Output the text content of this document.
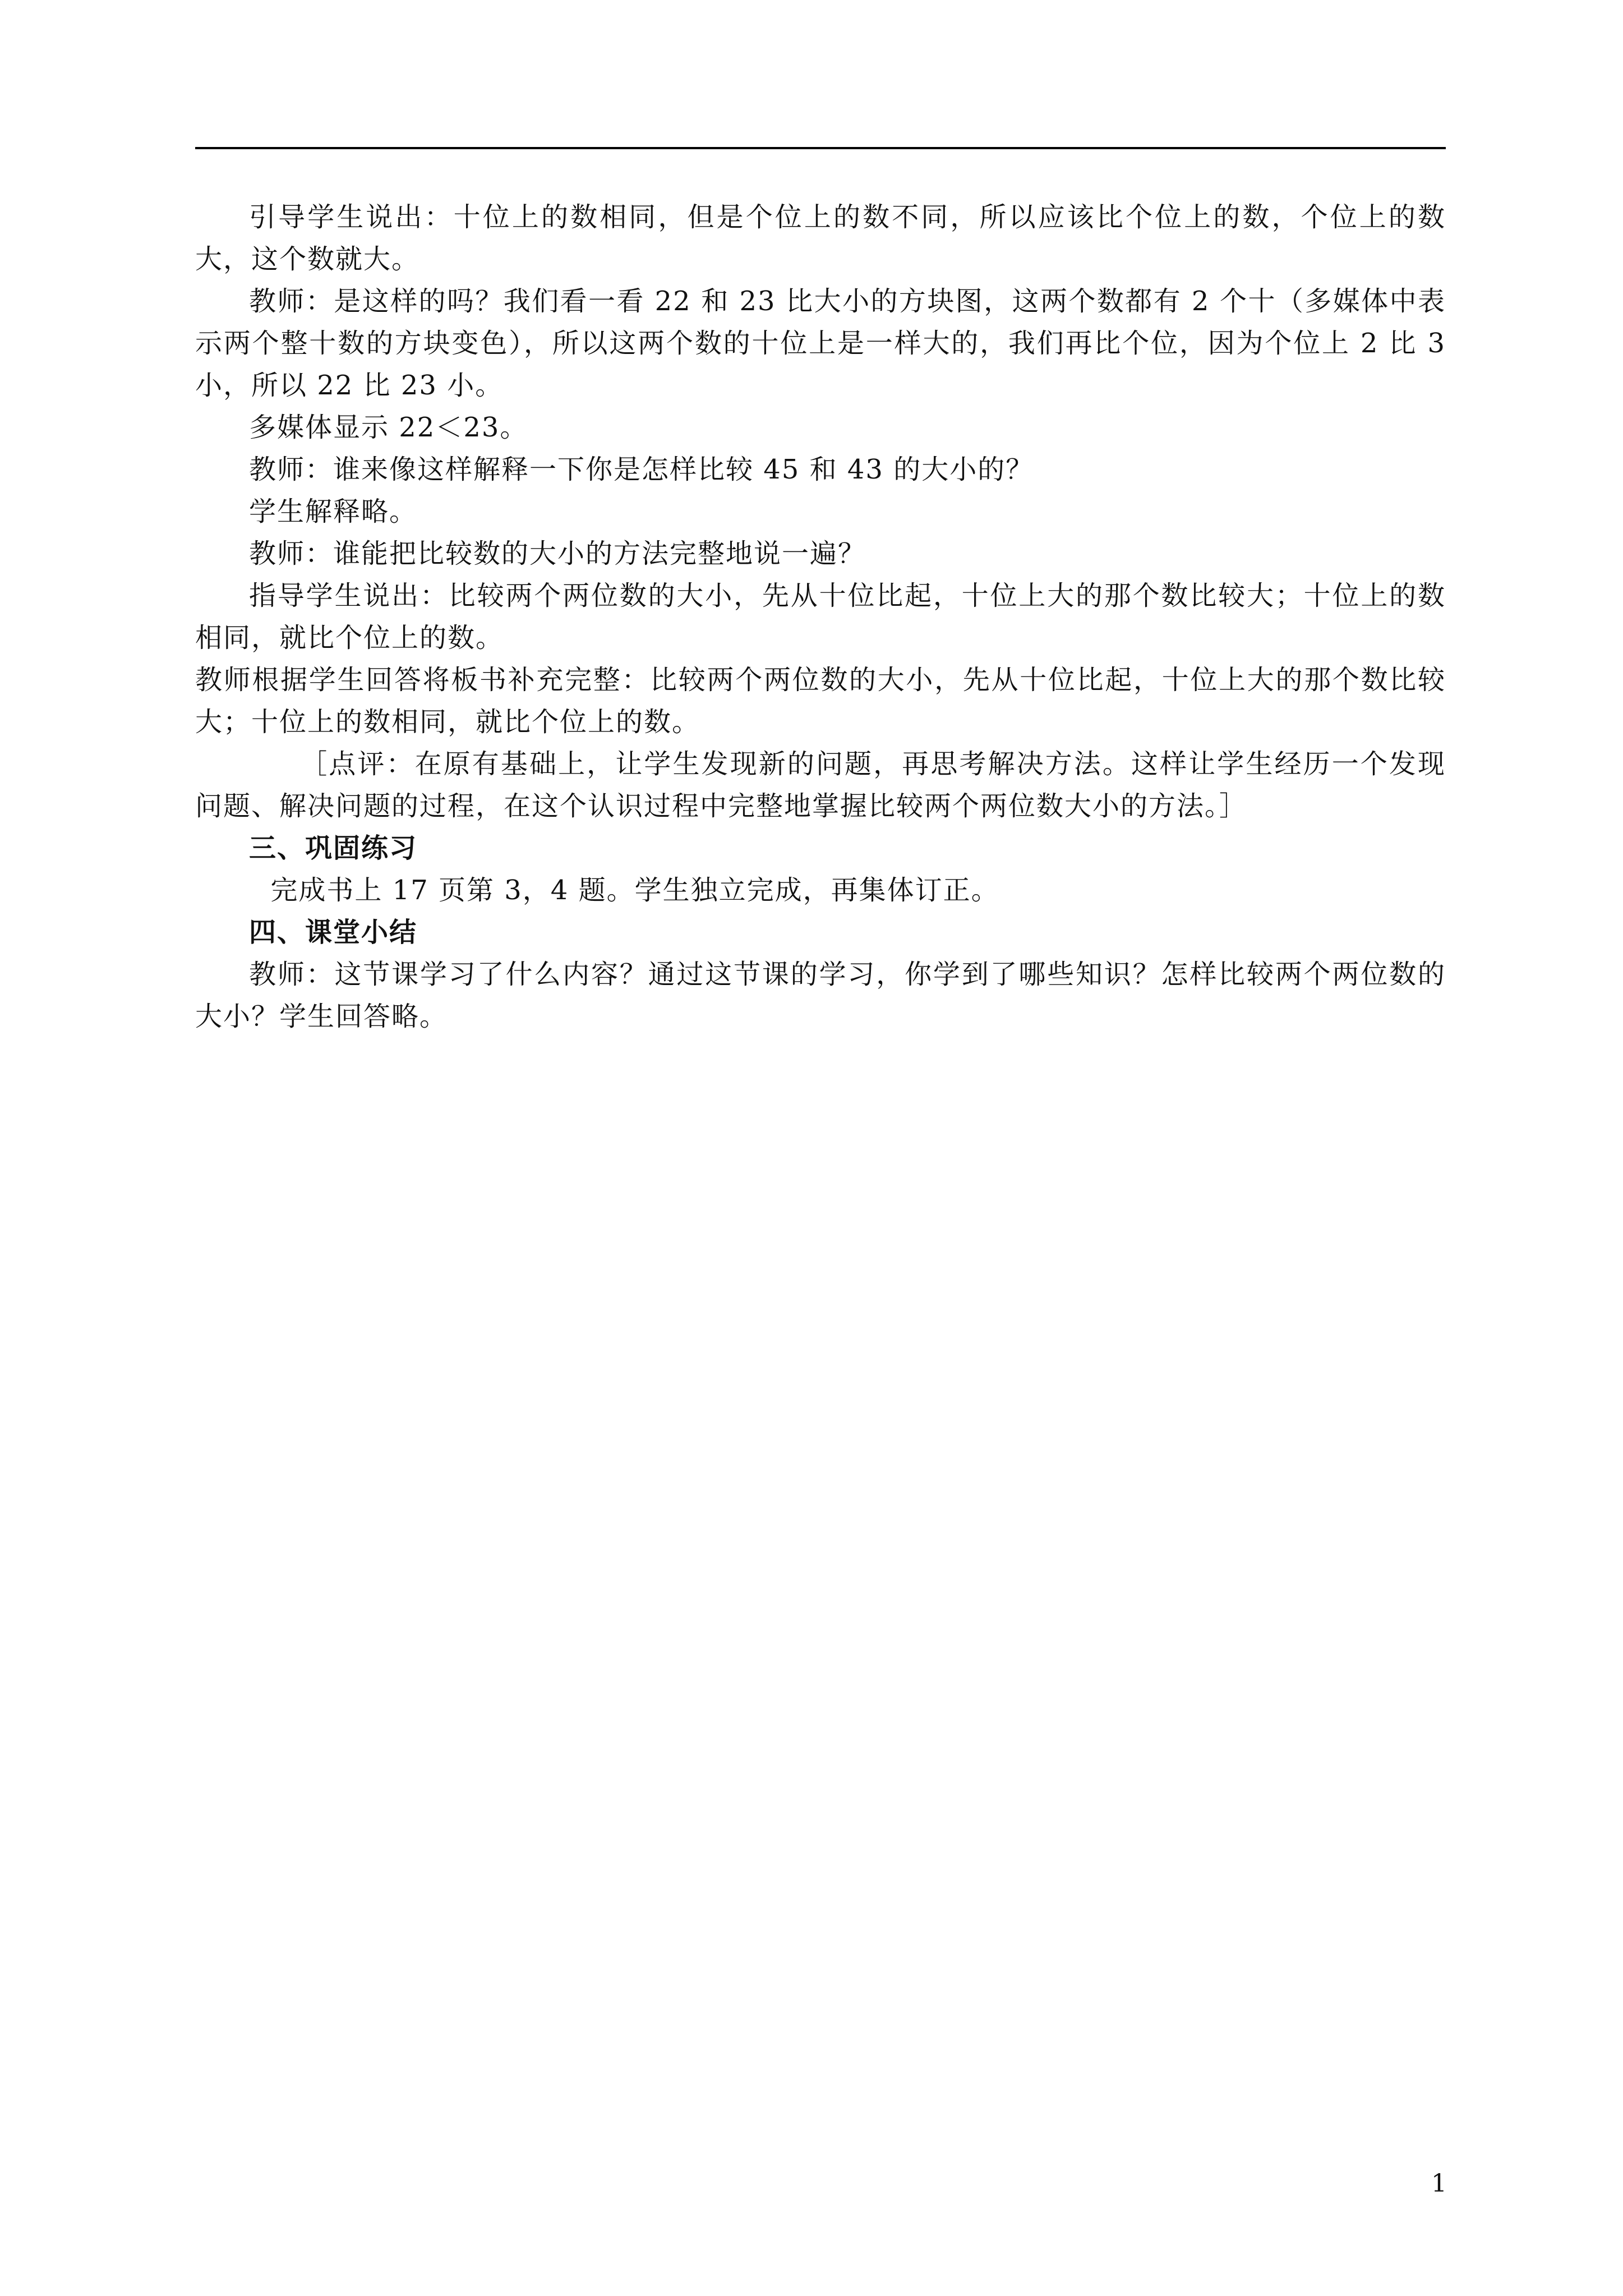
引导学生说出：十位上的数相同，但是个位上的数不同，所以应该比个位上的数，个位上的数大，这个数就大。

教师：是这样的吗？我们看一看 22 和 23 比大小的方块图，这两个数都有 2 个十（多媒体中表示两个整十数的方块变色），所以这两个数的十位上是一样大的，我们再比个位，因为个位上 2 比 3 小，所以 22 比 23 小。

多媒体显示 22＜23。

教师：谁来像这样解释一下你是怎样比较 45 和 43 的大小的？

学生解释略。

教师：谁能把比较数的大小的方法完整地说一遍？

指导学生说出：比较两个两位数的大小，先从十位比起，十位上大的那个数比较大；十位上的数相同，就比个位上的数。

教师根据学生回答将板书补充完整：比较两个两位数的大小，先从十位比起，十位上大的那个数比较大；十位上的数相同，就比个位上的数。

［点评：在原有基础上，让学生发现新的问题，再思考解决方法。这样让学生经历一个发现问题、解决问题的过程，在这个认识过程中完整地掌握比较两个两位数大小的方法。］

三、巩固练习

完成书上 17 页第 3，4 题。学生独立完成，再集体订正。

四、课堂小结

教师：这节课学习了什么内容？通过这节课的学习，你学到了哪些知识？怎样比较两个两位数的大小？学生回答略。

1
